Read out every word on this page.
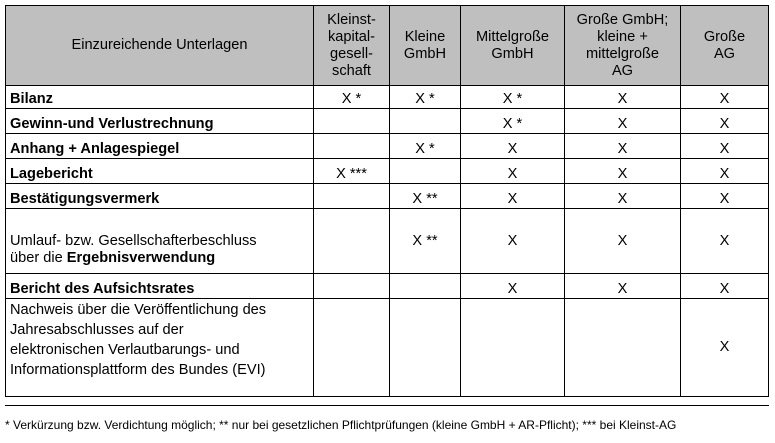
Einzureichende Unterlagen	Kleinst-
kapital-
gesell-
schaft	Kleine
GmbH	Mittelgroße
GmbH	Große GmbH;
kleine +
mittelgroße
AG	Große
AG
Bilanz	X *	X *	X *	X	X
Gewinn-und Verlustrechnung			X *	X	X
Anhang + Anlagespiegel		X *	X	X	X
Lagebericht	X ***		X	X	X
Bestätigungsvermerk		X **	X	X	X
Umlauf- bzw. Gesellschafterbeschluss
über die Ergebnisverwendung		X **	X	X	X
Bericht des Aufsichtsrates			X	X	X
Nachweis über die Veröffentlichung des
Jahresabschlusses auf der
elektronischen Verlautbarungs- und
Informationsplattform des Bundes (EVI)					X
* Verkürzung bzw. Verdichtung möglich; ** nur bei gesetzlichen Pflichtprüfungen (kleine GmbH + AR-Pflicht); *** bei Kleinst-AG
